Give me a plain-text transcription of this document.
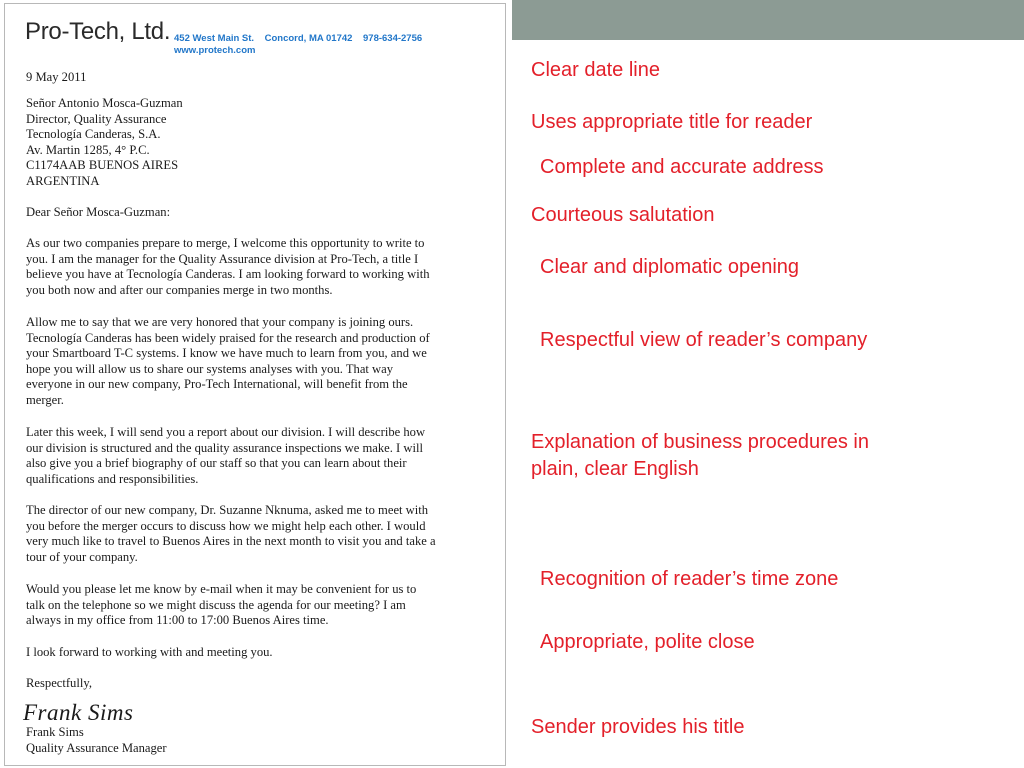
Pro-Tech, Ltd. 452 West Main St.    Concord, MA 01742    978-634-2756
www.protech.com
9 May 2011
Señor Antonio Mosca-Guzman
Director, Quality Assurance
Tecnología Canderas, S.A.
Av. Martin 1285, 4° P.C.
C1174AAB BUENOS AIRES
ARGENTINA
Dear Señor Mosca-Guzman:
As our two companies prepare to merge, I welcome this opportunity to write to
you. I am the manager for the Quality Assurance division at Pro-Tech, a title I
believe you have at Tecnología Canderas. I am looking forward to working with
you both now and after our companies merge in two months.
Allow me to say that we are very honored that your company is joining ours.
Tecnología Canderas has been widely praised for the research and production of
your Smartboard T-C systems. I know we have much to learn from you, and we
hope you will allow us to share our systems analyses with you. That way
everyone in our new company, Pro-Tech International, will benefit from the
merger.
Later this week, I will send you a report about our division. I will describe how
our division is structured and the quality assurance inspections we make. I will
also give you a brief biography of our staff so that you can learn about their
qualifications and responsibilities.
The director of our new company, Dr. Suzanne Nknuma, asked me to meet with
you before the merger occurs to discuss how we might help each other. I would
very much like to travel to Buenos Aires in the next month to visit you and take a
tour of your company.
Would you please let me know by e-mail when it may be convenient for us to
talk on the telephone so we might discuss the agenda for our meeting? I am
always in my office from 11:00 to 17:00 Buenos Aires time.
I look forward to working with and meeting you.
Respectfully,
Frank Sims
Frank Sims
Quality Assurance Manager
Clear date line
Uses appropriate title for reader
Complete and accurate address
Courteous salutation
Clear and diplomatic opening
Respectful view of reader’s company
Explanation of business procedures in
plain, clear English
Recognition of reader’s time zone
Appropriate, polite close
Sender provides his title
